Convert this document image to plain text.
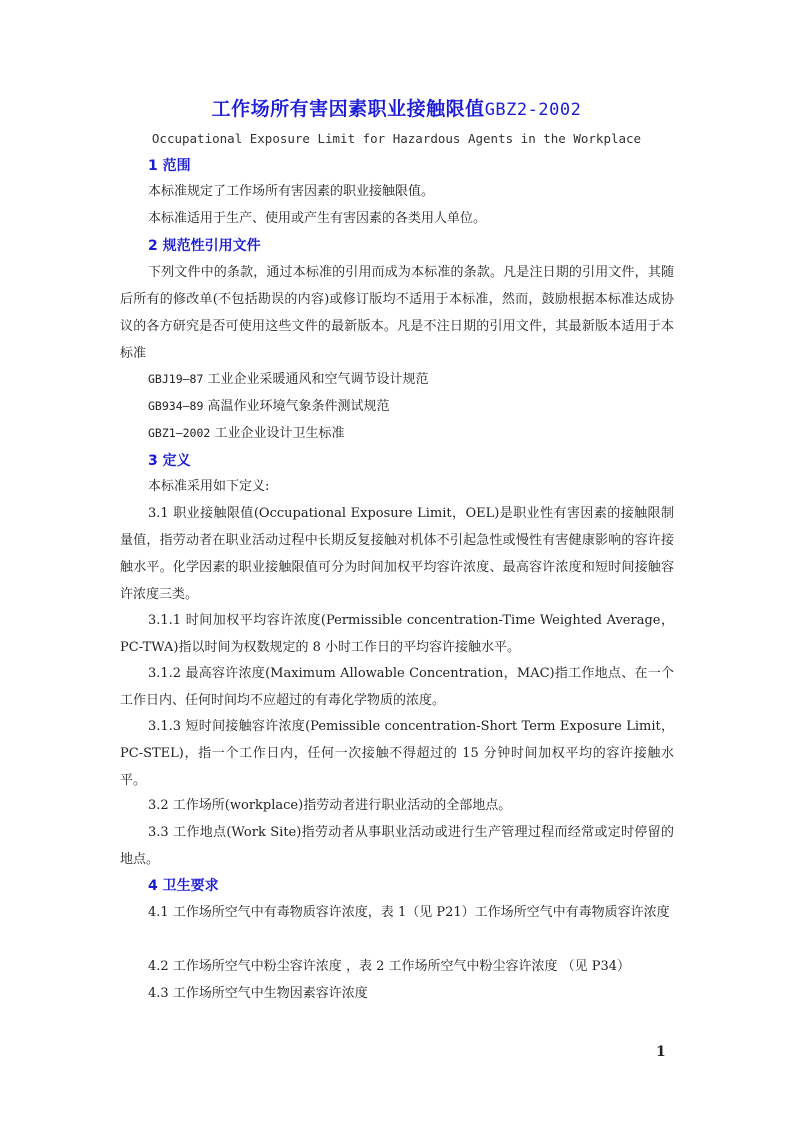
工作场所有害因素职业接触限值GBZ2-2002
Occupational Exposure Limit for Hazardous Agents in the Workplace
1 范围

本标准规定了工作场所有害因素的职业接触限值。

本标准适用于生产、使用或产生有害因素的各类用人单位。

2 规范性引用文件

下列文件中的条款，通过本标准的引用而成为本标准的条款。凡是注日期的引用文件，其随后所有的修改单(不包括勘误的内容)或修订版均不适用于本标准，然而，鼓励根据本标准达成协议的各方研究是否可使用这些文件的最新版本。凡是不注日期的引用文件，其最新版本适用于本标准

GBJ19—87 工业企业采暖通风和空气调节设计规范

GB934—89 高温作业环境气象条件测试规范

GBZ1—2002 工业企业设计卫生标准

3 定义

本标准采用如下定义:

3.1 职业接触限值(Occupational Exposure Limit，OEL)是职业性有害因素的接触限制量值，指劳动者在职业活动过程中长期反复接触对机体不引起急性或慢性有害健康影响的容许接触水平。化学因素的职业接触限值可分为时间加权平均容许浓度、最高容许浓度和短时间接触容许浓度三类。

3.1.1 时间加权平均容许浓度(Permissible concentration-Time Weighted Average，PC-TWA)指以时间为权数规定的 8 小时工作日的平均容许接触水平。

3.1.2 最高容许浓度(Maximum Allowable Concentration，MAC)指工作地点、在一个工作日内、任何时间均不应超过的有毒化学物质的浓度。

3.1.3 短时间接触容许浓度(Pemissible concentration-Short Term Exposure Limit，PC-STEL)，指一个工作日内，任何一次接触不得超过的 15 分钟时间加权平均的容许接触水平。

3.2 工作场所(workplace)指劳动者进行职业活动的全部地点。

3.3 工作地点(Work Site)指劳动者从事职业活动或进行生产管理过程而经常或定时停留的地点。

4 卫生要求

4.1 工作场所空气中有毒物质容许浓度，表 1（见 P21）工作场所空气中有毒物质容许浓度

4.2 工作场所空气中粉尘容许浓度 ，表 2 工作场所空气中粉尘容许浓度 （见 P34）

4.3 工作场所空气中生物因素容许浓度

1
